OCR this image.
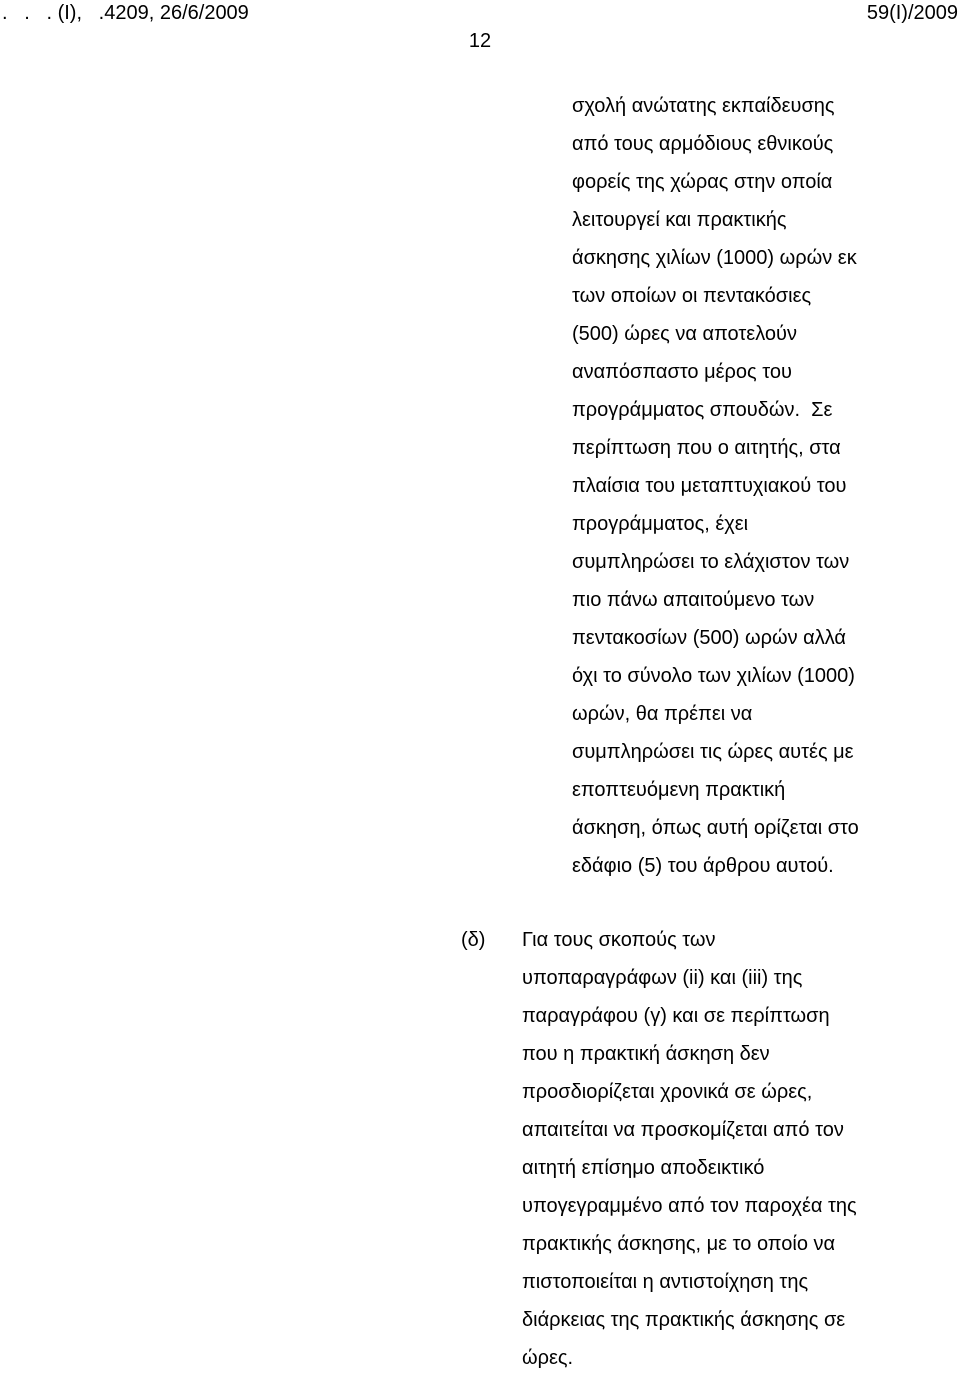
.   .   . (Ι),   .4209, 26/6/2009	59(Ι)/2009
12
σχολή ανώτατης εκπαίδευσης
από τους αρμόδιους εθνικούς
φορείς της χώρας στην οποία
λειτουργεί και πρακτικής
άσκησης χιλίων (1000) ωρών εκ
των οποίων οι πεντακόσιες
(500) ώρες να αποτελούν
αναπόσπαστο μέρος του
προγράμματος σπουδών.  Σε
περίπτωση που ο αιτητής, στα
πλαίσια του μεταπτυχιακού του
προγράμματος, έχει
συμπληρώσει το ελάχιστον των
πιο πάνω απαιτούμενο των
πεντακοσίων (500) ωρών αλλά
όχι το σύνολο των χιλίων (1000)
ωρών, θα πρέπει να
συμπληρώσει τις ώρες αυτές με
εποπτευόμενη πρακτική
άσκηση, όπως αυτή ορίζεται στο
εδάφιο (5) του άρθρου αυτού.
(δ) Για τους σκοπούς των
υποπαραγράφων (ii) και (iii) της
παραγράφου (γ) και σε περίπτωση
που η πρακτική άσκηση δεν
προσδιορίζεται χρονικά σε ώρες,
απαιτείται να προσκομίζεται από τον
αιτητή επίσημο αποδεικτικό
υπογεγραμμένο από τον παροχέα της
πρακτικής άσκησης, με το οποίο να
πιστοποιείται η αντιστοίχηση της
διάρκειας της πρακτικής άσκησης σε
ώρες.
